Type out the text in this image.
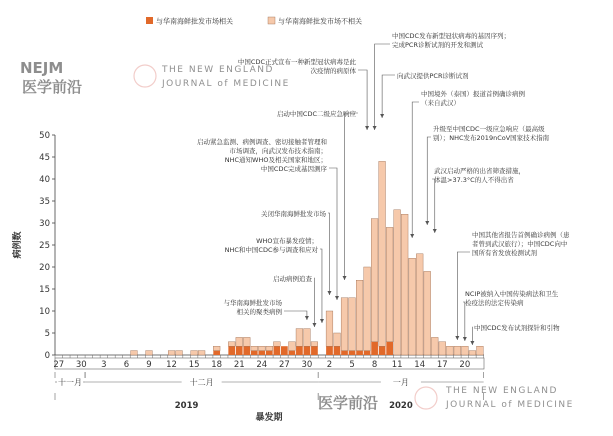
NEJM
医学前沿
THE NEW ENGLAND
JOURNAL of MEDICINE
医学前沿
THE NEW ENGLAND
JOURNAL of MEDICINE
与华南海鲜批发市场相关	与华南海鲜批发市场不相关
病例数
暴发期
0
5
10
15
20
25
30
35
40
45
50
27 30 3 6 9 12 15 18 21 24 27 30 2 5 8 11 14 17 20
十一月	十二月	一月
2019	2020
中国CDC发布新型冠状病毒的基因序列；
完成PCR诊断试剂的开发和测试
中国CDC正式宣布一种新型冠状病毒是此
次疫情的病原体
向武汉提供PCR诊断试剂
中国境外（泰国）报道首例确诊病例
（来自武汉）
启动中国CDC二级应急响应
升级至中国CDC一级应急响应（最高级
别）；NHC发布2019nCoV国家技术指南
启动紧急监测、病例调查、密切接触者管理和
市场调查，向武汉发布技术指南；
NHC通知WHO及相关国家和地区；
中国CDC完成基因测序	武汉启动严格的出省筛查措施，
体温>37.3°C的人不得出省
关闭华南海鲜批发市场
WHO宣布暴发疫情；
NHC和中国CDC参与调查和应对
中国其他省报告首例确诊病例（患
者曾到武汉旅行）；中国CDC向中
国所有省发放检测试剂
启动病例追查
与华南海鲜批发市场
相关的聚类病例
NCIP被纳入中国传染病法和卫生
检疫法的法定传染病
中国CDC发布试剂探针和引物
